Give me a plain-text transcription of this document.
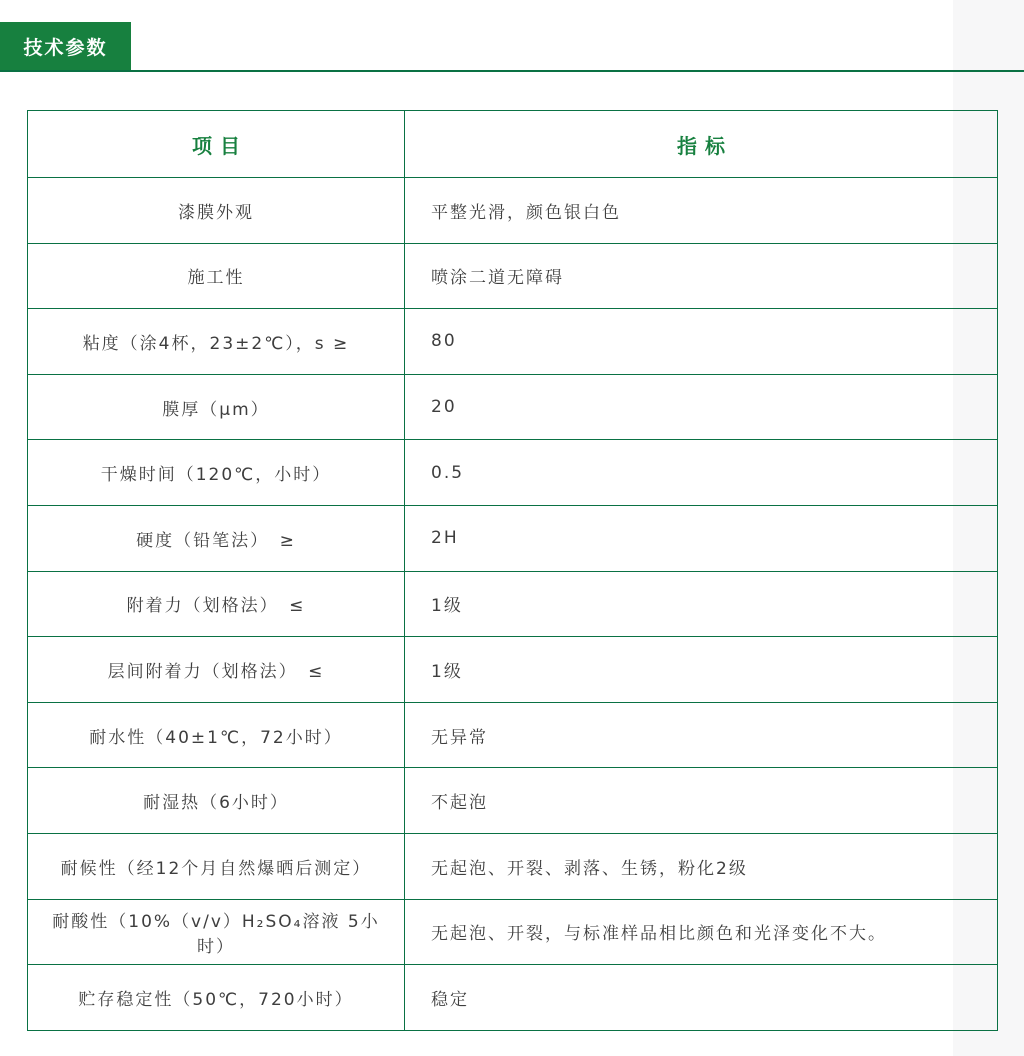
技术参数
项目	指标
漆膜外观	平整光滑，颜色银白色
施工性	喷涂二道无障碍
粘度（涂4杯，23±2℃），s ≥	80
膜厚（μm）	20
干燥时间（120℃，小时）	0.5
硬度（铅笔法）　≥	2H
附着力（划格法）　≤	1级
层间附着力（划格法）　≤	1级
耐水性（40±1℃，72小时）	无异常
耐湿热（6小时）	不起泡
耐候性（经12个月自然爆晒后测定）	无起泡、开裂、剥落、生锈，粉化2级
耐酸性（10%（v/v）H₂SO₄溶液 5小时）	无起泡、开裂，与标准样品相比颜色和光泽变化不大。
贮存稳定性（50℃，720小时）	稳定
